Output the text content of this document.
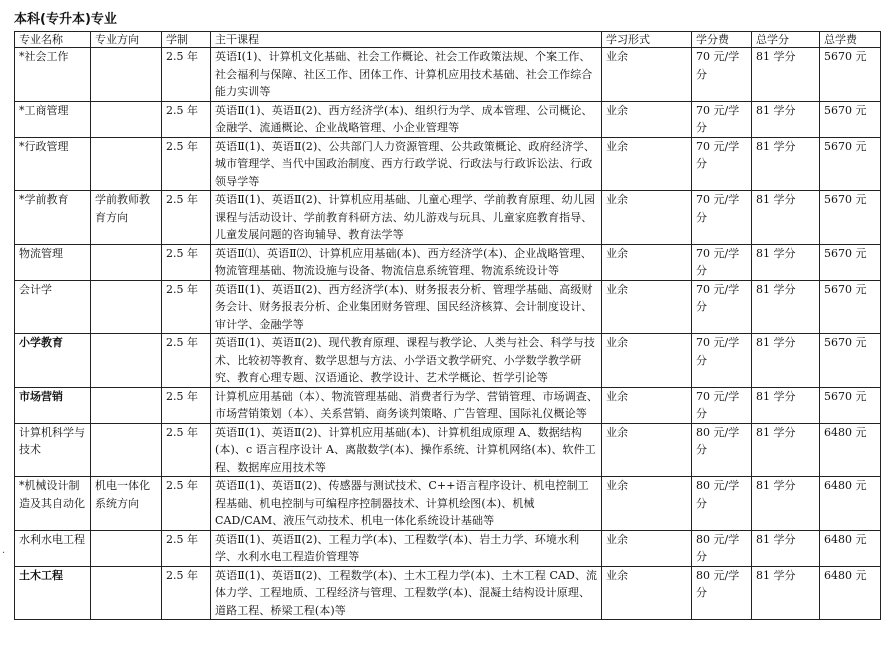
本科(专升本)专业
专业名称	专业方向	学制	主干课程	学习形式	学分费	总学分	总学费
*社会工作		2.5 年	英语Ⅰ(1)、计算机文化基础、社会工作概论、社会工作政策法规、个案工作、社会福利与保障、社区工作、团体工作、计算机应用技术基础、社会工作综合能力实训等	业余	70 元/学分	81 学分	5670 元
*工商管理		2.5 年	英语Ⅱ(1)、英语Ⅱ(2)、西方经济学(本)、组织行为学、成本管理、公司概论、金融学、流通概论、企业战略管理、小企业管理等	业余	70 元/学分	81 学分	5670 元
*行政管理		2.5 年	英语Ⅱ(1)、英语Ⅱ(2)、公共部门人力资源管理、公共政策概论、政府经济学、城市管理学、当代中国政治制度、西方行政学说、行政法与行政诉讼法、行政领导学等	业余	70 元/学分	81 学分	5670 元
*学前教育	学前教师教育方向	2.5 年	英语Ⅱ(1)、英语Ⅱ(2)、计算机应用基础、儿童心理学、学前教育原理、幼儿园课程与活动设计、学前教育科研方法、幼儿游戏与玩具、儿童家庭教育指导、儿童发展问题的咨询辅导、教育法学等	业余	70 元/学分	81 学分	5670 元
物流管理		2.5 年	英语Ⅱ⑴、英语Ⅱ⑵、计算机应用基础(本)、西方经济学(本)、企业战略管理、物流管理基础、物流设施与设备、物流信息系统管理、物流系统设计等	业余	70 元/学分	81 学分	5670 元
会计学		2.5 年	英语Ⅱ(1)、英语Ⅱ(2)、西方经济学(本)、财务报表分析、管理学基础、高级财务会计、财务报表分析、企业集团财务管理、国民经济核算、会计制度设计、审计学、金融学等	业余	70 元/学分	81 学分	5670 元
小学教育		2.5 年	英语Ⅱ(1)、英语Ⅱ(2)、现代教育原理、课程与教学论、人类与社会、科学与技术、比较初等教育、数学思想与方法、小学语文教学研究、小学数学教学研究、教育心理专题、汉语通论、教学设计、艺术学概论、哲学引论等	业余	70 元/学分	81 学分	5670 元
市场营销		2.5 年	计算机应用基础（本）、物流管理基础、消费者行为学、营销管理、市场调查、市场营销策划（本）、关系营销、商务谈判策略、广告管理、国际礼仪概论等	业余	70 元/学分	81 学分	5670 元
计算机科学与技术		2.5 年	英语Ⅱ(1)、英语Ⅱ(2)、计算机应用基础(本)、计算机组成原理 A、数据结构(本)、c 语言程序设计 A、离散数学(本)、操作系统、计算机网络(本)、软件工程、数据库应用技术等	业余	80 元/学分	81 学分	6480 元
*机械设计制造及其自动化	机电一体化系统方向	2.5 年	英语Ⅱ(1)、英语Ⅱ(2)、传感器与测试技术、C++语言程序设计、机电控制工程基础、机电控制与可编程序控制器技术、计算机绘图(本)、机械CAD/CAM、液压气动技术、机电一体化系统设计基础等	业余	80 元/学分	81 学分	6480 元
水利水电工程		2.5 年	英语Ⅱ(1)、英语Ⅱ(2)、工程力学(本)、工程数学(本)、岩土力学、环境水利学、水利水电工程造价管理等	业余	80 元/学分	81 学分	6480 元
土木工程		2.5 年	英语Ⅱ(1)、英语Ⅱ(2)、工程数学(本)、土木工程力学(本)、土木工程 CAD、流体力学、工程地质、工程经济与管理、工程数学(本)、混凝土结构设计原理、道路工程、桥梁工程(本)等	业余	80 元/学分	81 学分	6480 元
·
